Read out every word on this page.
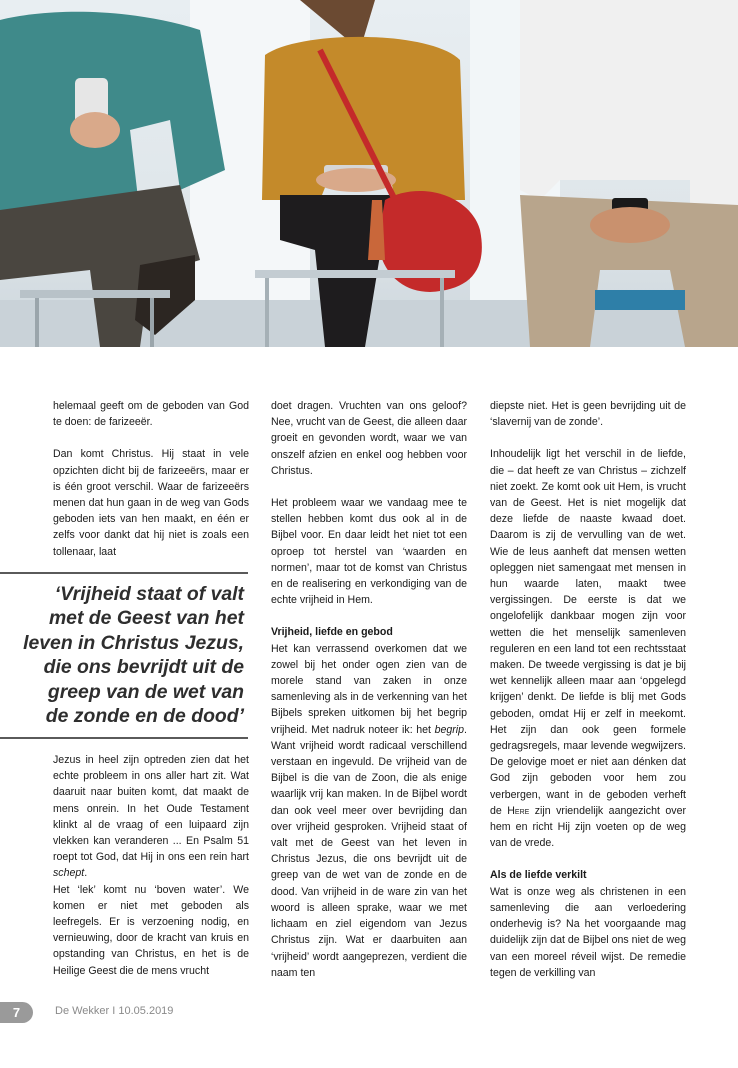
helemaal geeft om de geboden van God te doen: de farizeeër.

Dan komt Christus. Hij staat in vele opzichten dicht bij de farizeeërs, maar er is één groot verschil. Waar de farizeeërs menen dat hun gaan in de weg van Gods geboden iets van hen maakt, en één er zelfs voor dankt dat hij niet is zoals een tollenaar, laat

‘Vrijheid staat of valt
met de Geest van het
leven in Christus Jezus,
die ons bevrijdt uit de
greep van de wet van
de zonde en de dood’

Jezus in heel zijn optreden zien dat het echte probleem in ons aller hart zit. Wat daaruit naar buiten komt, dat maakt de mens onrein. In het Oude Testament klinkt al de vraag of een luipaard zijn vlekken kan veranderen ... En Psalm 51 roept tot God, dat Hij in ons een rein hart schept.

Het ‘lek’ komt nu ‘boven water’. We komen er niet met geboden als leefregels. Er is verzoening nodig, en vernieuwing, door de kracht van kruis en opstanding van Christus, en het is de Heilige Geest die de mens vrucht

doet dragen. Vruchten van ons geloof? Nee, vrucht van de Geest, die alleen daar groeit en gevonden wordt, waar we van onszelf afzien en enkel oog hebben voor Christus.

Het probleem waar we vandaag mee te stellen hebben komt dus ook al in de Bijbel voor. En daar leidt het niet tot een oproep tot herstel van ‘waarden en normen’, maar tot de komst van Christus en de realisering en verkondiging van de echte vrijheid in Hem.

Vrijheid, liefde en gebod

Het kan verrassend overkomen dat we zowel bij het onder ogen zien van de morele stand van zaken in onze samenleving als in de verkenning van het Bijbels spreken uitkomen bij het begrip vrijheid. Met nadruk noteer ik: het begrip. Want vrijheid wordt radicaal verschillend verstaan en ingevuld. De vrijheid van de Bijbel is die van de Zoon, die als enige waarlijk vrij kan maken. In de Bijbel wordt dan ook veel meer over bevrijding dan over vrijheid gesproken. Vrijheid staat of valt met de Geest van het leven in Christus Jezus, die ons bevrijdt uit de greep van de wet van de zonde en de dood. Van vrijheid in de ware zin van het woord is alleen sprake, waar we met lichaam en ziel eigendom van Jezus Christus zijn. Wat er daarbuiten aan ‘vrijheid’ wordt aangeprezen, verdient die naam ten

diepste niet. Het is geen bevrijding uit de ‘slavernij van de zonde’.

Inhoudelijk ligt het verschil in de liefde, die – dat heeft ze van Christus – zichzelf niet zoekt. Ze komt ook uit Hem, is vrucht van de Geest. Het is niet mogelijk dat deze liefde de naaste kwaad doet. Daarom is zij de vervulling van de wet. Wie de leus aanheft dat mensen wetten opleggen niet samengaat met mensen in hun waarde laten, maakt twee vergissingen. De eerste is dat we ongelofelijk dankbaar mogen zijn voor wetten die het menselijk samenleven reguleren en een land tot een rechtsstaat maken. De tweede vergissing is dat je bij wet kennelijk alleen maar aan ‘opgelegd krijgen’ denkt. De liefde is blij met Gods geboden, omdat Hij er zelf in meekomt. Het zijn dan ook geen formele gedragsregels, maar levende wegwijzers. De gelovige moet er niet aan dénken dat God zijn geboden voor hem zou verbergen, want in de geboden verheft de Here zijn vriendelijk aangezicht over hem en richt Hij zijn voeten op de weg van de vrede.

Als de liefde verkilt

Wat is onze weg als christenen in een samenleving die aan verloedering onderhevig is? Na het voorgaande mag duidelijk zijn dat de Bijbel ons niet de weg van een moreel réveil wijst. De remedie tegen de verkilling van

7	De Wekker I 10.05.2019
